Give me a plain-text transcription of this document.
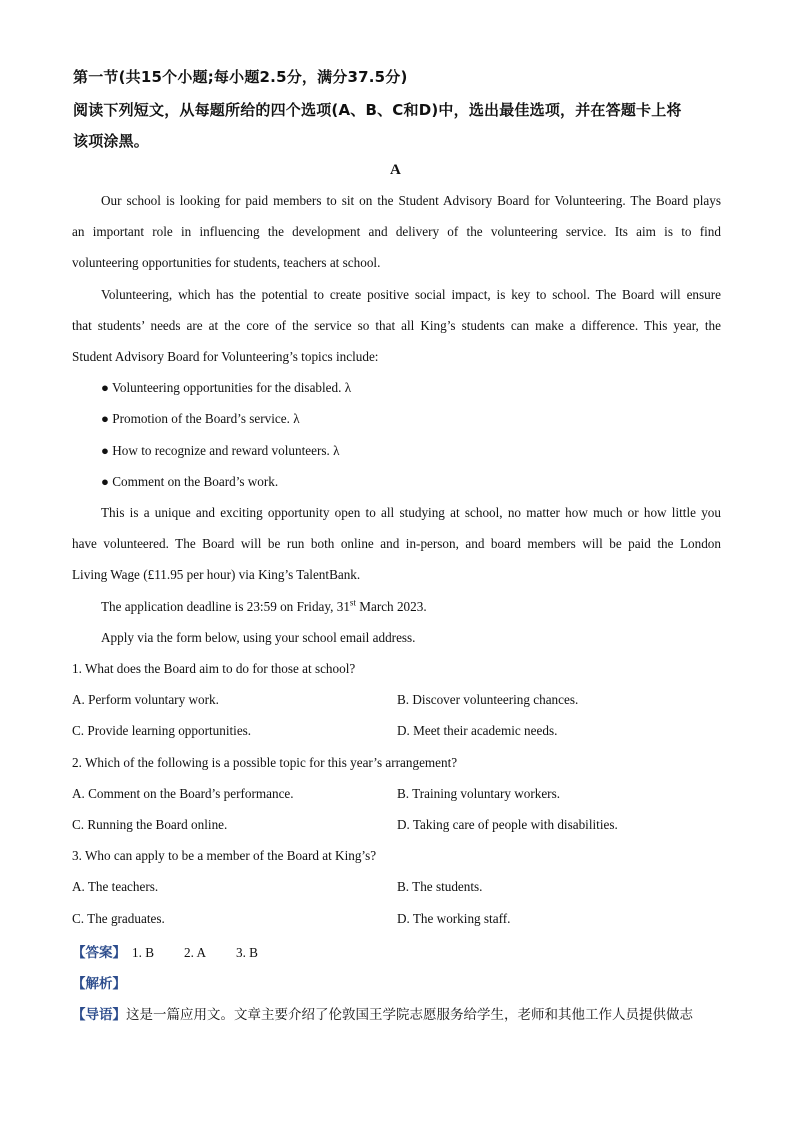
第一节(共15个小题;每小题2.5分，满分37.5分)
阅读下列短文，从每题所给的四个选项(A、B、C和D)中，选出最佳选项，并在答题卡上将
该项涂黑。
A
Our school is looking for paid members to sit on the Student Advisory Board for Volunteering. The Board plays
an important role in influencing the development and delivery of the volunteering service. Its aim is to find
volunteering opportunities for students, teachers at school.
Volunteering, which has the potential to create positive social impact, is key to school. The Board will ensure
that students’ needs are at the core of the service so that all King’s students can make a difference. This year, the
Student Advisory Board for Volunteering’s topics include:
● Volunteering opportunities for the disabled. λ
● Promotion of the Board’s service. λ
● How to recognize and reward volunteers. λ
● Comment on the Board’s work.
This is a unique and exciting opportunity open to all studying at school, no matter how much or how little you
have volunteered. The Board will be run both online and in-person, and board members will be paid the London
Living Wage (£11.95 per hour) via King’s TalentBank.
The application deadline is 23:59 on Friday, 31st March 2023.
Apply via the form below, using your school email address.
1. What does the Board aim to do for those at school?
A. Perform voluntary work.	B. Discover volunteering chances.
C. Provide learning opportunities.	D. Meet their academic needs.
2. Which of the following is a possible topic for this year’s arrangement?
A. Comment on the Board’s performance.	B. Training voluntary workers.
C. Running the Board online.	D. Taking care of people with disabilities.
3. Who can apply to be a member of the Board at King’s?
A. The teachers.	B. The students.
C. The graduates.	D. The working staff.
【答案】 1. B 2. A 3. B
【解析】
【导语】这是一篇应用文。文章主要介绍了伦敦国王学院志愿服务给学生，老师和其他工作人员提供做志
